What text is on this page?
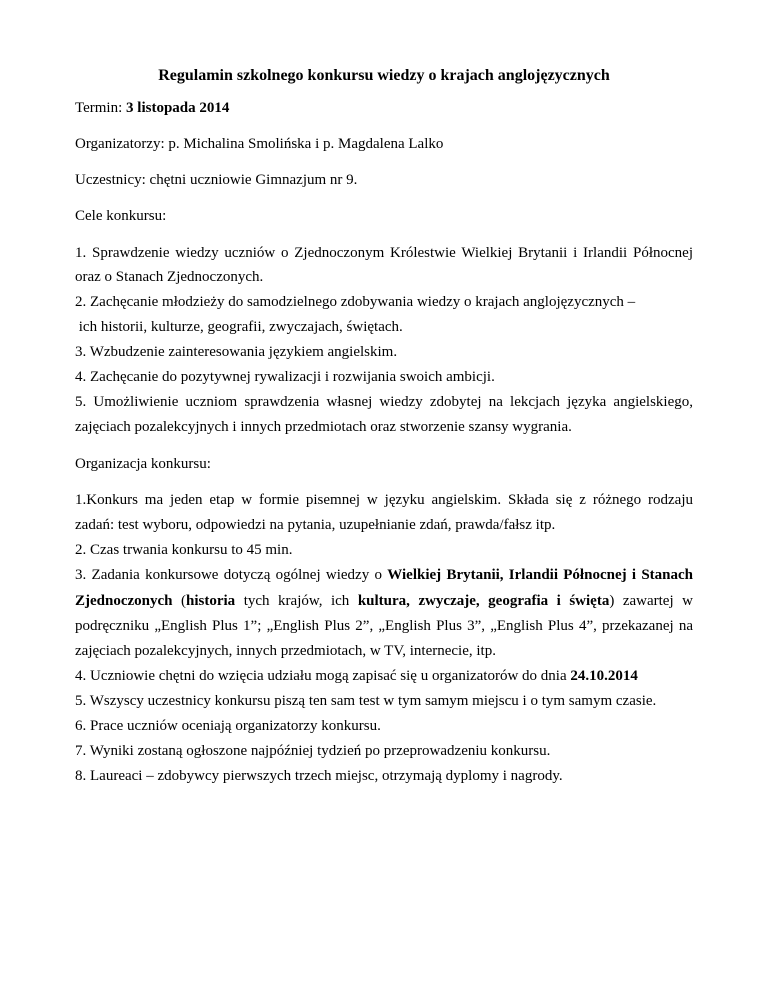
Regulamin szkolnego konkursu wiedzy o krajach anglojęzycznych
Termin: 3 listopada 2014
Organizatorzy: p. Michalina Smolińska i p. Magdalena Lalko
Uczestnicy: chętni uczniowie Gimnazjum nr 9.
Cele konkursu:
1. Sprawdzenie wiedzy uczniów o Zjednoczonym Królestwie Wielkiej Brytanii i Irlandii Północnej
oraz o Stanach Zjednoczonych.
2. Zachęcanie młodzieży do samodzielnego zdobywania wiedzy o krajach anglojęzycznych –
ich historii, kulturze, geografii, zwyczajach, świętach.
3. Wzbudzenie zainteresowania językiem angielskim.
4. Zachęcanie do pozytywnej rywalizacji i rozwijania swoich ambicji.
5. Umożliwienie uczniom sprawdzenia własnej wiedzy zdobytej na lekcjach języka angielskiego,
zajęciach pozalekcyjnych i innych przedmiotach oraz stworzenie szansy wygrania.
Organizacja konkursu:
1.Konkurs ma jeden etap w formie pisemnej w języku angielskim. Składa się z różnego rodzaju
zadań: test wyboru, odpowiedzi na pytania, uzupełnianie zdań, prawda/fałsz itp.
2. Czas trwania konkursu to 45 min.
3. Zadania konkursowe dotyczą ogólnej wiedzy o Wielkiej Brytanii, Irlandii Północnej i Stanach
Zjednoczonych (historia tych krajów, ich kultura, zwyczaje, geografia i święta) zawartej w
podręczniku „English Plus 1”; „English Plus 2”, „English Plus 3”, „English Plus 4”, przekazanej na
zajęciach pozalekcyjnych, innych przedmiotach, w TV, internecie, itp.
4. Uczniowie chętni do wzięcia udziału mogą zapisać się u organizatorów do dnia 24.10.2014
5. Wszyscy uczestnicy konkursu piszą ten sam test w tym samym miejscu i o tym samym czasie.
6. Prace uczniów oceniają organizatorzy konkursu.
7. Wyniki zostaną ogłoszone najpóźniej tydzień po przeprowadzeniu konkursu.
8. Laureaci – zdobywcy pierwszych trzech miejsc, otrzymają dyplomy i nagrody.
